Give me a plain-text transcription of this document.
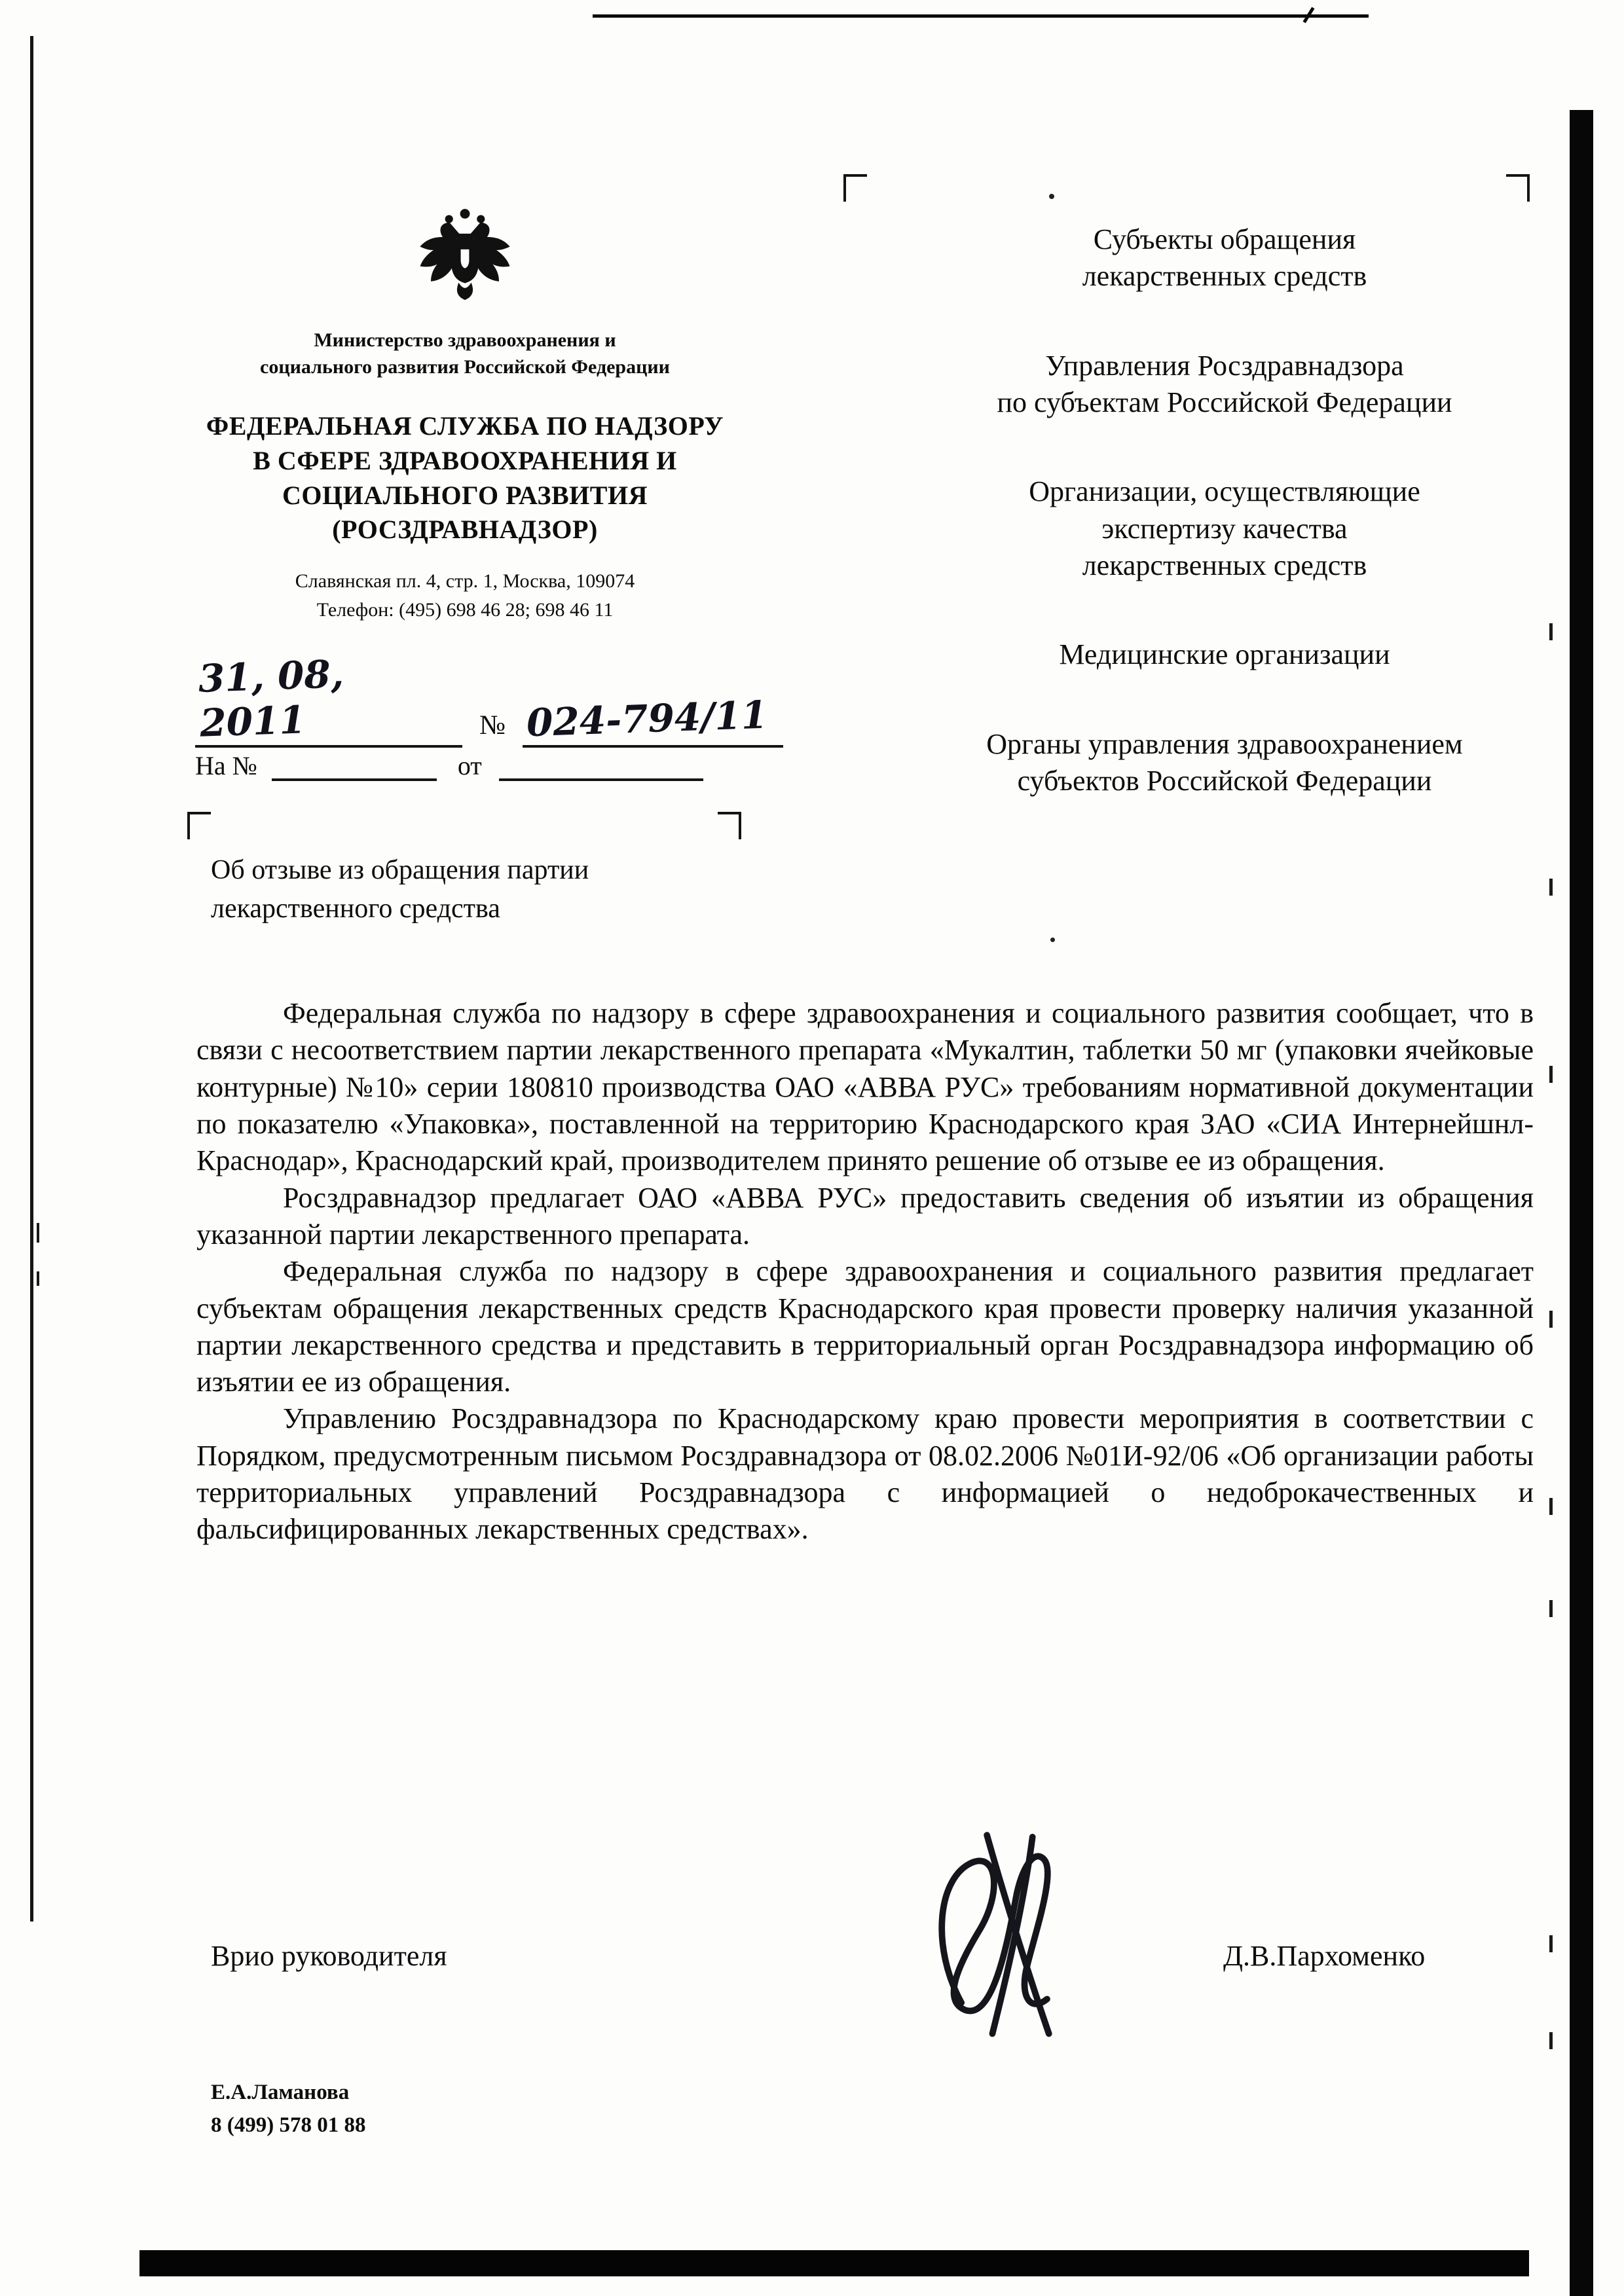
Министерство здравоохранения и
социального развития Российской Федерации
ФЕДЕРАЛЬНАЯ СЛУЖБА ПО НАДЗОРУ
В СФЕРЕ ЗДРАВООХРАНЕНИЯ И
СОЦИАЛЬНОГО РАЗВИТИЯ
(РОСЗДРАВНАДЗОР)
Славянская пл. 4, стр. 1, Москва, 109074
Телефон: (495) 698 46 28; 698 46 11
Субъекты обращения
лекарственных средств
Управления Росздравнадзора
по субъектам Российской Федерации
Организации, осуществляющие
экспертизу качества
лекарственных средств
Медицинские организации
Органы управления здравоохранением
субъектов Российской Федерации
31, 08, 2011	№ 024-794/11
На №	от
Об отзыве из обращения партии
лекарственного средства

Федеральная служба по надзору в сфере здравоохранения и социального развития сообщает, что в связи с несоответствием партии лекарственного препарата «Мукалтин, таблетки 50 мг (упаковки ячейковые контурные) №10» серии 180810 производства ОАО «АВВА РУС» требованиям нормативной документации по показателю «Упаковка», поставленной на территорию Краснодарского края ЗАО «СИА Интернейшнл-Краснодар», Краснодарский край, производителем принято решение об отзыве ее из обращения.

Росздравнадзор предлагает ОАО «АВВА РУС» предоставить сведения об изъятии из обращения указанной партии лекарственного препарата.

Федеральная служба по надзору в сфере здравоохранения и социального развития предлагает субъектам обращения лекарственных средств Краснодарского края провести проверку наличия указанной партии лекарственного средства и представить в территориальный орган Росздравнадзора информацию об изъятии ее из обращения.

Управлению Росздравнадзора по Краснодарскому краю провести мероприятия в соответствии с Порядком, предусмотренным письмом Росздравнадзора от 08.02.2006 №01И-92/06 «Об организации работы территориальных управлений Росздравнадзора с информацией о недоброкачественных и фальсифицированных лекарственных средствах».

Врио руководителя	Д.В.Пархоменко
Е.А.Ламанова
8 (499) 578 01 88
